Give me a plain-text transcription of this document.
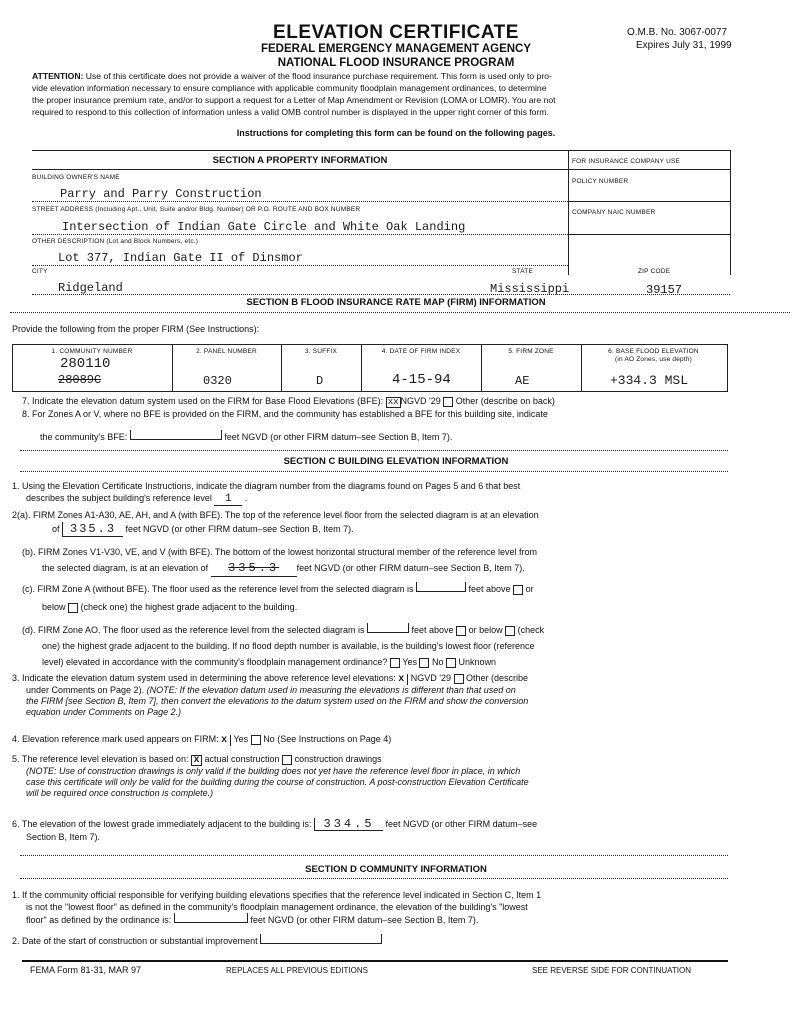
ELEVATION CERTIFICATE	O.M.B. No. 3067-0077
Expires July 31, 1999
FEDERAL EMERGENCY MANAGEMENT AGENCY
NATIONAL FLOOD INSURANCE PROGRAM
ATTENTION: Use of this certificate does not provide a waiver of the flood insurance purchase requirement. This form is used only to pro-
vide elevation information necessary to ensure compliance with applicable community floodplain management ordinances, to determine
the proper insurance premium rate, and/or to support a request for a Letter of Map Amendment or Revision (LOMA or LOMR). You are not
required to respond to this collection of information unless a valid OMB control number is displayed in the upper right corner of this form.
Instructions for completing this form can be found on the following pages.
SECTION A PROPERTY INFORMATION	FOR INSURANCE COMPANY USE
BUILDING OWNER'S NAME
Parry and Parry Construction
POLICY NUMBER
STREET ADDRESS (Including Apt., Unit, Suite and/or Bldg. Number) OR P.O. ROUTE AND BOX NUMBER	COMPANY NAIC NUMBER
Intersection of Indian Gate Circle and White Oak Landing
OTHER DESCRIPTION (Lot and Block Numbers, etc.)
Lot 377, Indian Gate II of Dinsmor
CITY	STATE	ZIP CODE
Ridgeland	Mississippi	39157
SECTION B FLOOD INSURANCE RATE MAP (FIRM) INFORMATION
Provide the following from the proper FIRM (See Instructions):
1. COMMUNITY NUMBER	2. PANEL NUMBER	3. SUFFIX	4. DATE OF FIRM INDEX	5. FIRM ZONE	6. BASE FLOOD ELEVATION
(in AO Zones, use depth)
280110
28089C	0320	D	4-15-94	AE	+334.3 MSL
7. Indicate the elevation datum system used on the FIRM for Base Flood Elevations (BFE): xx NGVD '29 Other (describe on back)
8. For Zones A or V, where no BFE is provided on the FIRM, and the community has established a BFE for this building site, indicate
the community's BFE:	feet NGVD (or other FIRM datum–see Section B, Item 7).
SECTION C BUILDING ELEVATION INFORMATION
1. Using the Elevation Certificate Instructions, indicate the diagram number from the diagrams found on Pages 5 and 6 that best
describes the subject building's reference level 1 .
2(a). FIRM Zones A1-A30, AE, AH, and A (with BFE). The top of the reference level floor from the selected diagram is at an elevation
of 335.3 feet NGVD (or other FIRM datum–see Section B, Item 7).
(b). FIRM Zones V1-V30, VE, and V (with BFE). The bottom of the lowest horizontal structural member of the reference level from
the selected diagram, is at an elevation of 335.3 feet NGVD (or other FIRM datum–see Section B, Item 7).
(c). FIRM Zone A (without BFE). The floor used as the reference level from the selected diagram is	feet above or
below (check one) the highest grade adjacent to the building.
(d). FIRM Zone AO. The floor used as the reference level from the selected diagram is	feet above or below (check
one) the highest grade adjacent to the building. If no flood depth number is available, is the building's lowest floor (reference
level) elevated in accordance with the community's floodplain management ordinance? Yes No Unknown
3. Indicate the elevation datum system used in determining the above reference level elevations: x NGVD '29 Other (describe
under Comments on Page 2). (NOTE: If the elevation datum used in measuring the elevations is different than that used on
the FIRM [see Section B, Item 7], then convert the elevations to the datum system used on the FIRM and show the conversion
equation under Comments on Page 2.)
4. Elevation reference mark used appears on FIRM: x Yes No (See Instructions on Page 4)
5. The reference level elevation is based on: x actual construction construction drawings
(NOTE: Use of construction drawings is only valid if the building does not yet have the reference level floor in place, in which
case this certificate will only be valid for the building during the course of construction. A post-construction Elevation Certificate
will be required once construction is complete.)
6. The elevation of the lowest grade immediately adjacent to the building is: 334.5 feet NGVD (or other FIRM datum–see
Section B, Item 7).
SECTION D COMMUNITY INFORMATION
1. If the community official responsible for verifying building elevations specifies that the reference level indicated in Section C, Item 1
is not the "lowest floor" as defined in the community's floodplain management ordinance, the elevation of the building's "lowest
floor" as defined by the ordinance is:	feet NGVD (or other FIRM datum–see Section B, Item 7).
2. Date of the start of construction or substantial improvement
FEMA Form 81-31, MAR 97	REPLACES ALL PREVIOUS EDITIONS	SEE REVERSE SIDE FOR CONTINUATION
